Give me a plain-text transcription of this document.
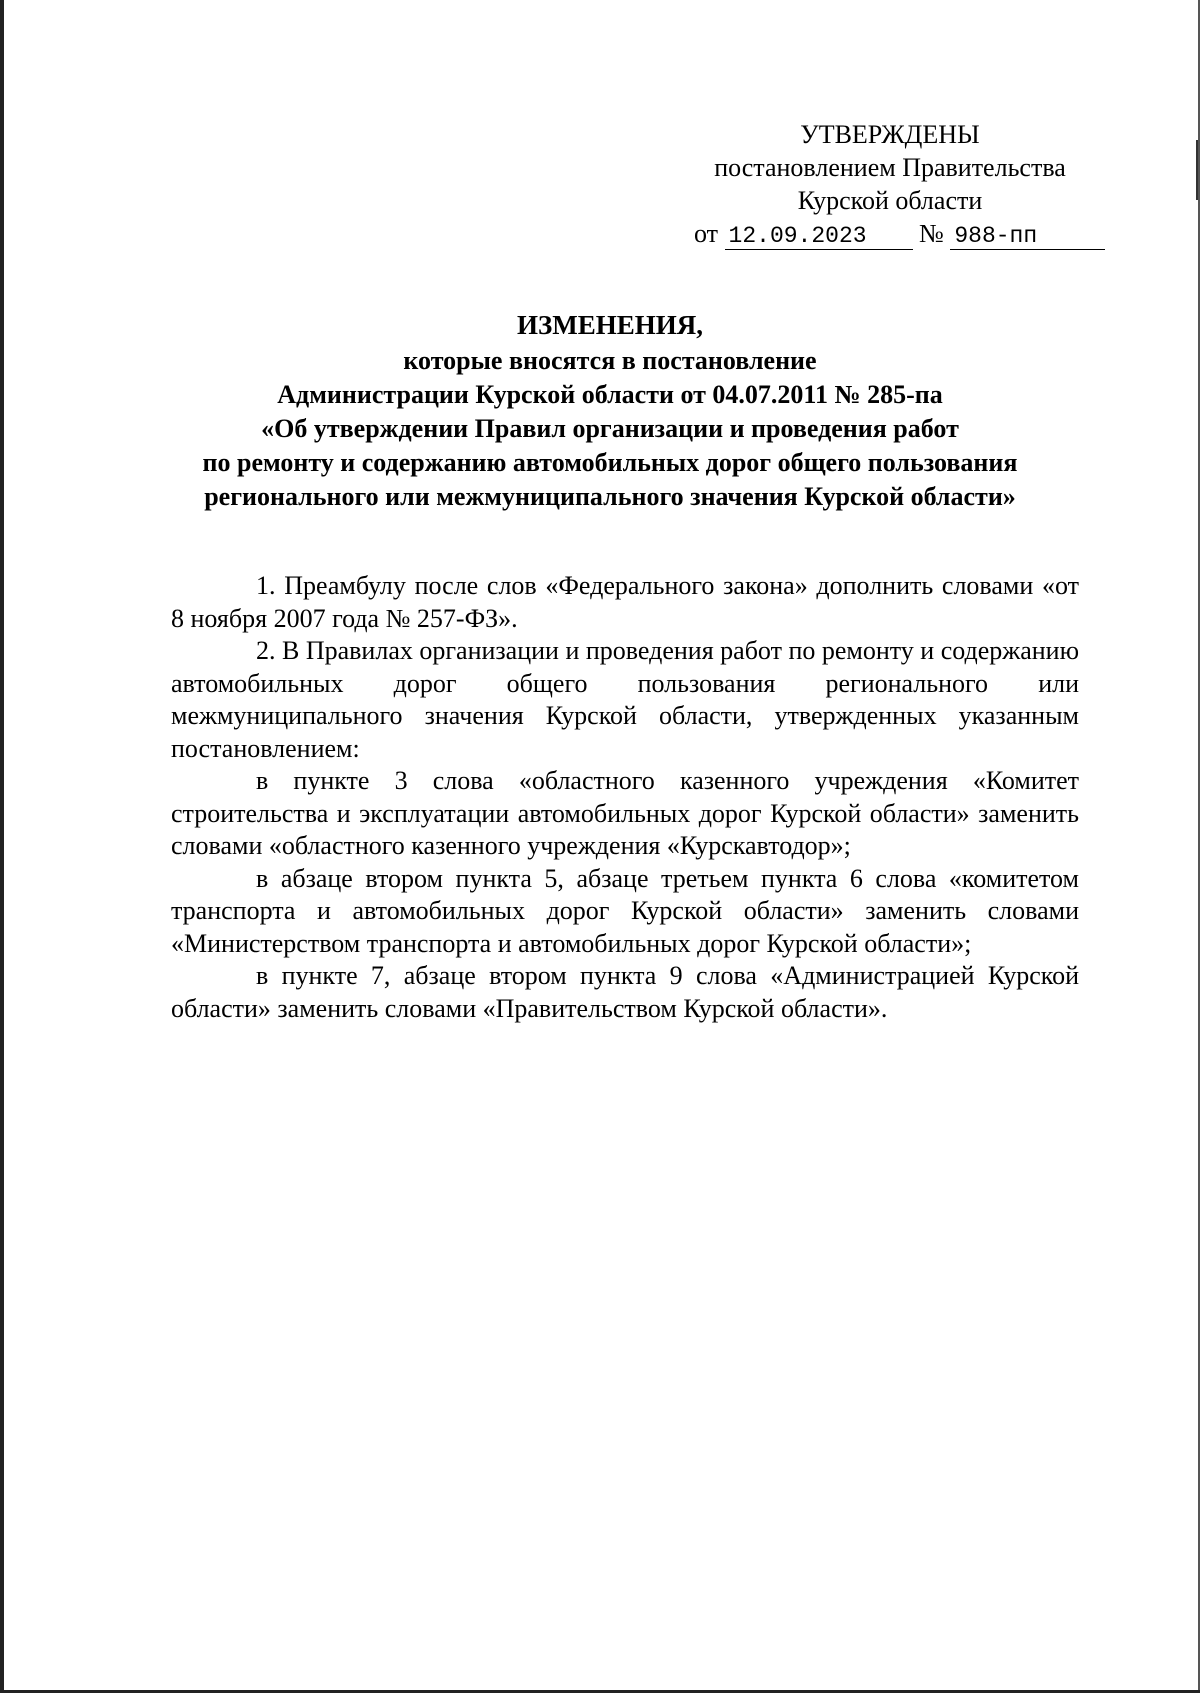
УТВЕРЖДЕНЫ
постановлением Правительства
Курской области
от 12.09.2023 № 988-пп
ИЗМЕНЕНИЯ,
которые вносятся в постановление
Администрации Курской области от 04.07.2011 № 285-па
«Об утверждении Правил организации и проведения работ
по ремонту и содержанию автомобильных дорог общего пользования
регионального или межмуниципального значения Курской области»

1. Преамбулу после слов «Федерального закона» дополнить словами «от 8 ноября 2007 года № 257-ФЗ».

2. В Правилах организации и проведения работ по ремонту и содержанию автомобильных дорог общего пользования регионального или межмуниципального значения Курской области, утвержденных указанным постановлением:

в пункте 3 слова «областного казенного учреждения «Комитет строительства и эксплуатации автомобильных дорог Курской области» заменить словами «областного казенного учреждения «Курскавтодор»;

в абзаце втором пункта 5, абзаце третьем пункта 6 слова «комитетом транспорта и автомобильных дорог Курской области» заменить словами «Министерством транспорта и автомобильных дорог Курской области»;

в пункте 7, абзаце втором пункта 9 слова «Администрацией Курской области» заменить словами «Правительством Курской области».
